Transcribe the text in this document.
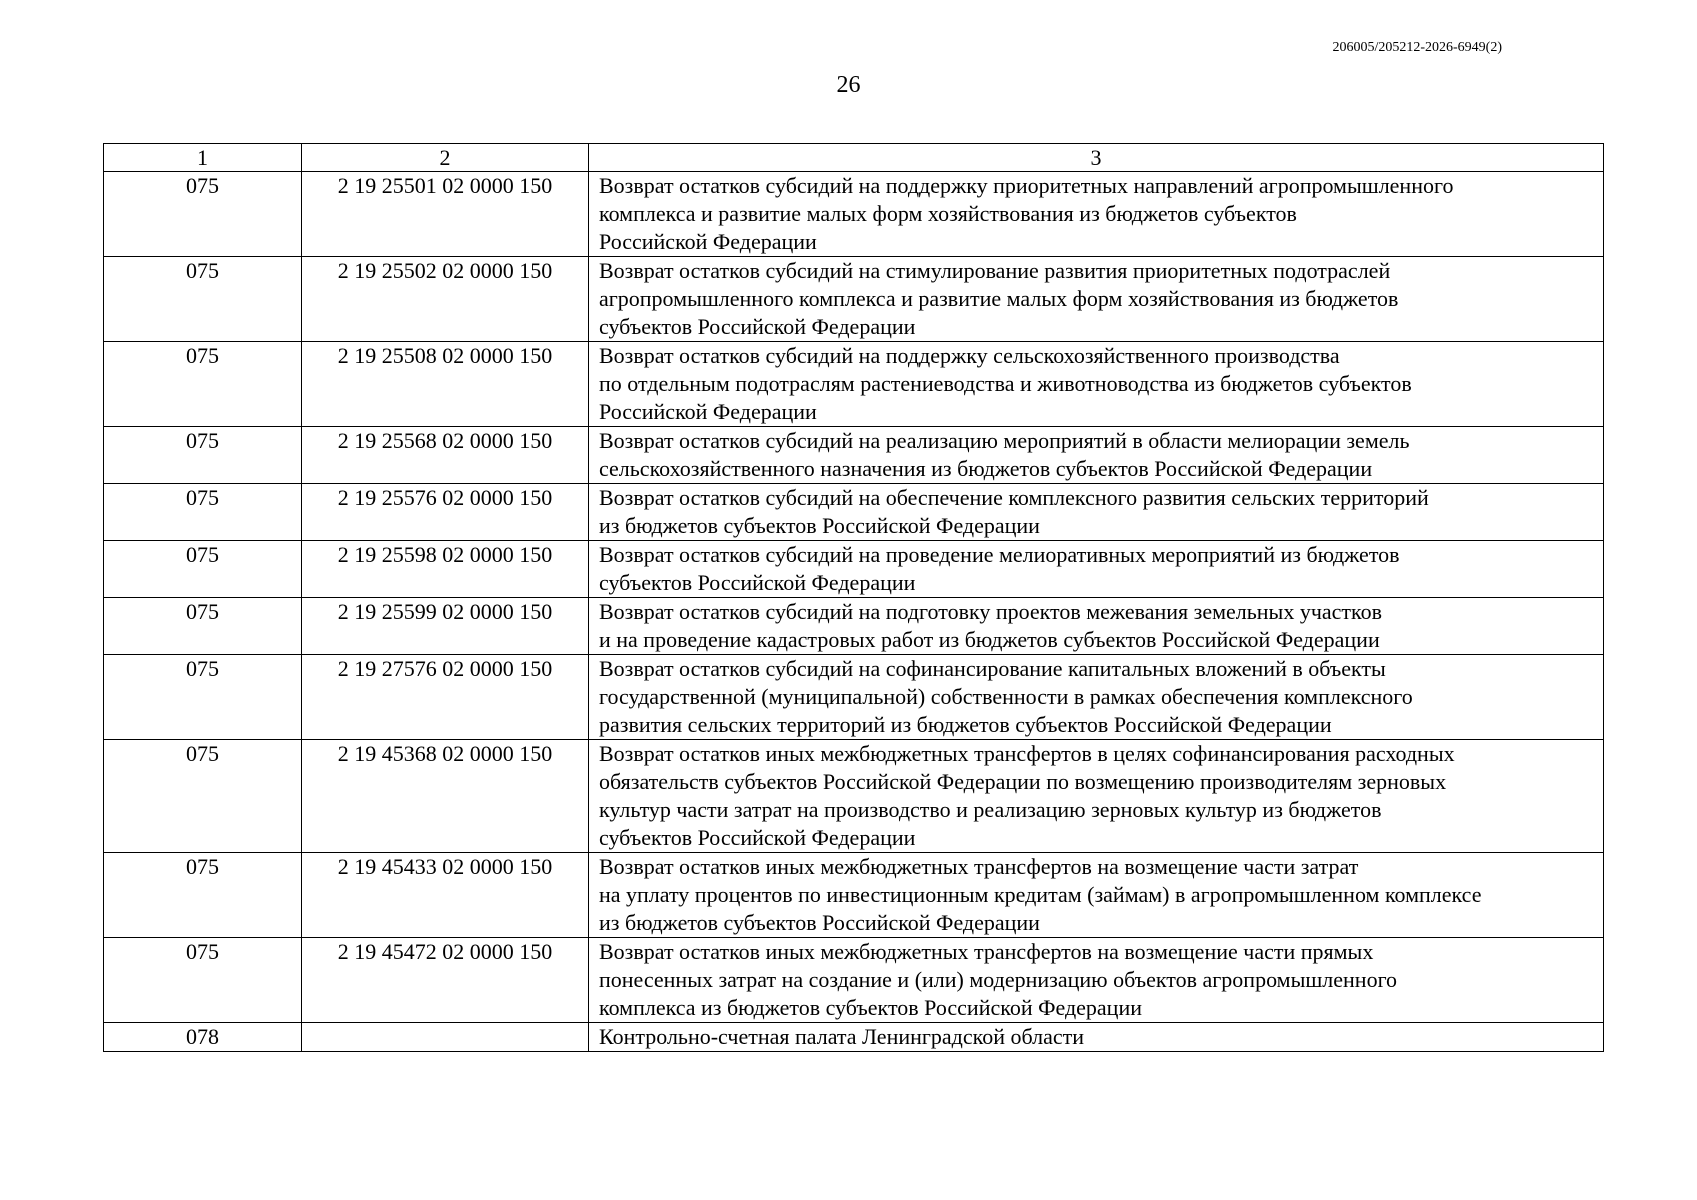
206005/205212-2026-6949(2)
26
1	2	3
075	2 19 25501 02 0000 150	Возврат остатков субсидий на поддержку приоритетных направлений агропромышленного
комплекса и развитие малых форм хозяйствования из бюджетов субъектов
Российской Федерации

075	2 19 25502 02 0000 150	Возврат остатков субсидий на стимулирование развития приоритетных подотраслей
агропромышленного комплекса и развитие малых форм хозяйствования из бюджетов
субъектов Российской Федерации

075	2 19 25508 02 0000 150	Возврат остатков субсидий на поддержку сельскохозяйственного производства
по отдельным подотраслям растениеводства и животноводства из бюджетов субъектов
Российской Федерации

075	2 19 25568 02 0000 150	Возврат остатков субсидий на реализацию мероприятий в области мелиорации земель
сельскохозяйственного назначения из бюджетов субъектов Российской Федерации

075	2 19 25576 02 0000 150	Возврат остатков субсидий на обеспечение комплексного развития сельских территорий
из бюджетов субъектов Российской Федерации

075	2 19 25598 02 0000 150	Возврат остатков субсидий на проведение мелиоративных мероприятий из бюджетов
субъектов Российской Федерации

075	2 19 25599 02 0000 150	Возврат остатков субсидий на подготовку проектов межевания земельных участков
и на проведение кадастровых работ из бюджетов субъектов Российской Федерации

075	2 19 27576 02 0000 150	Возврат остатков субсидий на софинансирование капитальных вложений в объекты
государственной (муниципальной) собственности в рамках обеспечения комплексного
развития сельских территорий из бюджетов субъектов Российской Федерации

075	2 19 45368 02 0000 150	Возврат остатков иных межбюджетных трансфертов в целях софинансирования расходных
обязательств субъектов Российской Федерации по возмещению производителям зерновых
культур части затрат на производство и реализацию зерновых культур из бюджетов
субъектов Российской Федерации

075	2 19 45433 02 0000 150	Возврат остатков иных межбюджетных трансфертов на возмещение части затрат
на уплату процентов по инвестиционным кредитам (займам) в агропромышленном комплексе
из бюджетов субъектов Российской Федерации

075	2 19 45472 02 0000 150	Возврат остатков иных межбюджетных трансфертов на возмещение части прямых
понесенных затрат на создание и (или) модернизацию объектов агропромышленного
комплекса из бюджетов субъектов Российской Федерации

078		Контрольно-счетная палата Ленинградской области
